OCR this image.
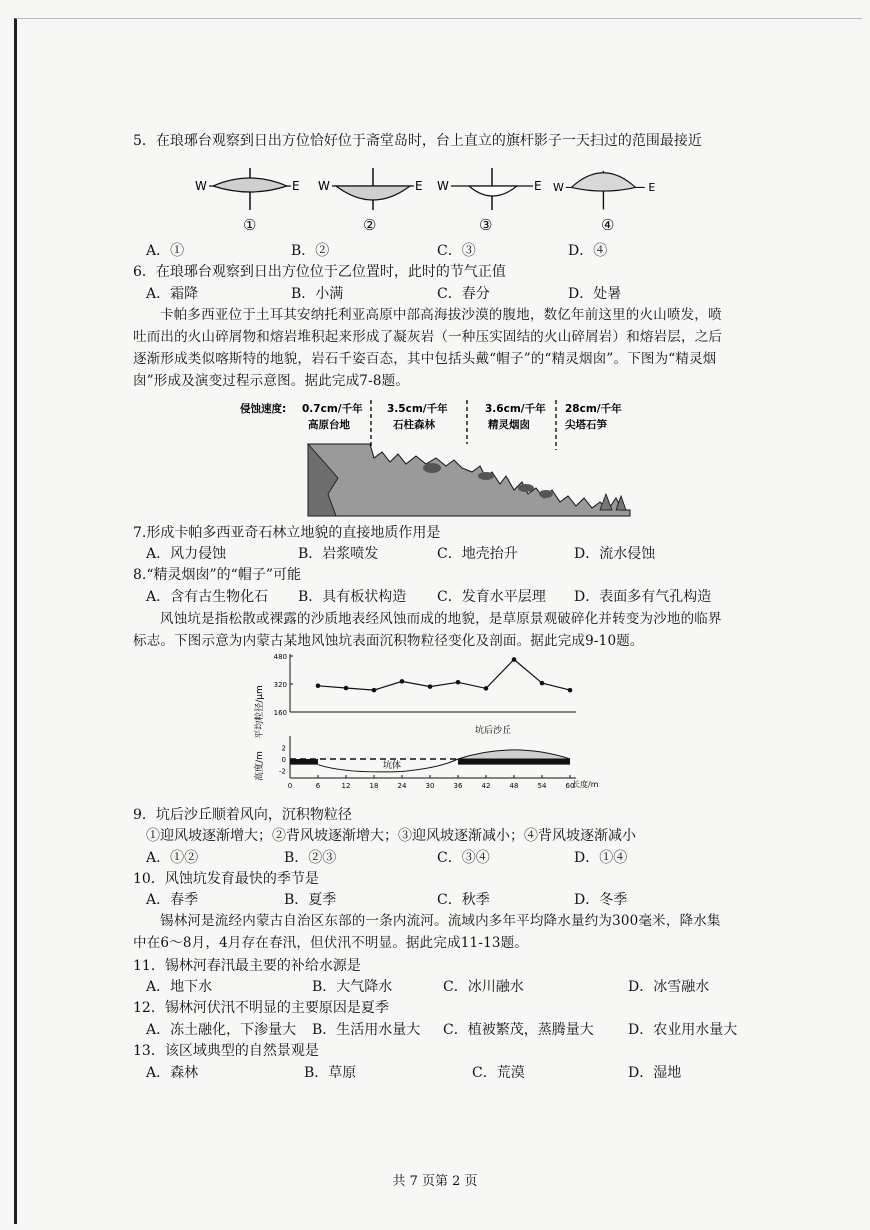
5．在琅琊台观察到日出方位恰好位于斋堂岛时，台上直立的旗杆影子一天扫过的范围最接近
W	E W	E W	E W	E
①	②	③	④
A．①	B．②	C．③	D．④
6．在琅琊台观察到日出方位位于乙位置时，此时的节气正值
A．霜降	B．小满	C．春分	D．处暑
卡帕多西亚位于土耳其安纳托利亚高原中部高海拔沙漠的腹地，数亿年前这里的火山喷发，喷吐而出的火山碎屑物和熔岩堆积起来形成了凝灰岩（一种压实固结的火山碎屑岩）和熔岩层，之后逐渐形成类似喀斯特的地貌，岩石千姿百态，其中包括头戴“帽子”的“精灵烟囱”。下图为“精灵烟囱”形成及演变过程示意图。据此完成7-8题。
侵蚀速度: 0.7cm/千年
高原台地
3.5cm/千年
石柱森林
3.6cm/千年
精灵烟囱
28cm/千年
尖塔石笋
7.形成卡帕多西亚奇石林立地貌的直接地质作用是
A．风力侵蚀	B．岩浆喷发	C．地壳抬升	D．流水侵蚀
8.“精灵烟囱”的“帽子”可能
A．含有古生物化石 B．具有板状构造 C．发育水平层理 D．表面多有气孔构造
风蚀坑是指松散或裸露的沙质地表经风蚀而成的地貌，是草原景观破碎化并转变为沙地的临界标志。下图示意为内蒙古某地风蚀坑表面沉积物粒径变化及剖面。据此完成9-10题。
平均粒径/μm
高度/m
长度/m
坑后沙丘
坑体
160
320
480
2
0
-2
0	6	12	18	24	30	36	42	48	54	60
9．坑后沙丘顺着风向，沉积物粒径
①迎风坡逐渐增大；②背风坡逐渐增大；③迎风坡逐渐减小；④背风坡逐渐减小
A．①②	B．②③	C．③④	D．①④
10．风蚀坑发育最快的季节是
A．春季	B．夏季	C．秋季	D．冬季
锡林河是流经内蒙古自治区东部的一条内流河。流域内多年平均降水量约为300毫米，降水集中在6～8月，4月存在春汛，但伏汛不明显。据此完成11-13题。
11．锡林河春汛最主要的补给水源是
A．地下水	B．大气降水	C．冰川融水	D．冰雪融水
12．锡林河伏汛不明显的主要原因是夏季
A．冻土融化，下渗量大 B．生活用水量大 C．植被繁茂，蒸腾量大 D．农业用水量大
13．该区域典型的自然景观是
A．森林	B．草原	C．荒漠	D．湿地
共 7 页第 2 页
